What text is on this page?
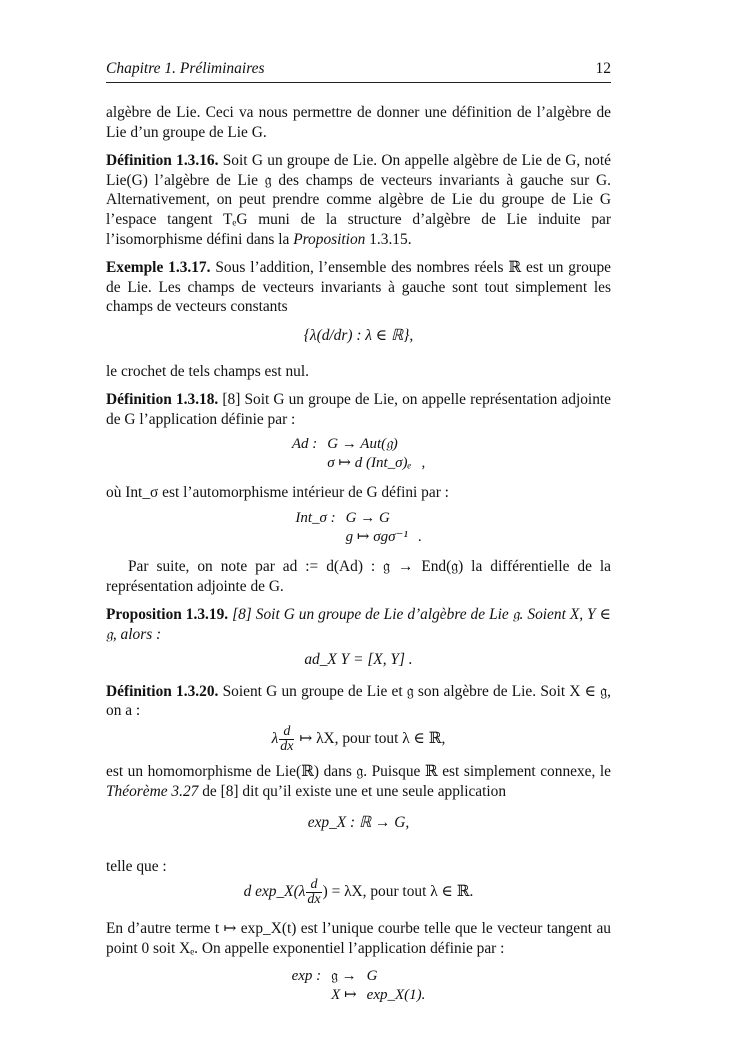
Chapitre 1. Préliminaires	12

algèbre de Lie. Ceci va nous permettre de donner une définition de l’algèbre de Lie d’un groupe de Lie G.

Définition 1.3.16. Soit G un groupe de Lie. On appelle algèbre de Lie de G, noté Lie(G) l’algèbre de Lie 𝔤 des champs de vecteurs invariants à gauche sur G. Alternativement, on peut prendre comme algèbre de Lie du groupe de Lie G l’espace tangent TₑG muni de la structure d’algèbre de Lie induite par l’isomorphisme défini dans la Proposition 1.3.15.

Exemple 1.3.17. Sous l’addition, l’ensemble des nombres réels ℝ est un groupe de Lie. Les champs de vecteurs invariants à gauche sont tout simplement les champs de vecteurs constants

{λ(d/dr) : λ ∈ ℝ},

le crochet de tels champs est nul.

Définition 1.3.18. [8] Soit G un groupe de Lie, on appelle représentation adjointe de G l’application définie par :

Ad :	G → Aut(𝔤)	
	σ ↦ d (Int_σ)ₑ	,

où Int_σ est l’automorphisme intérieur de G défini par :

Int_σ :	G → G	
	g ↦ σgσ⁻¹	.

Par suite, on note par ad := d(Ad) : 𝔤 → End(𝔤) la différentielle de la représentation adjointe de G.

Proposition 1.3.19. [8] Soit G un groupe de Lie d’algèbre de Lie 𝔤. Soient X, Y ∈ 𝔤, alors :

ad_X Y = [X, Y] .

Définition 1.3.20. Soient G un groupe de Lie et 𝔤 son algèbre de Lie. Soit X ∈ 𝔤, on a :

λ $\frac{d}{dx}$ ↦ λX, pour tout λ ∈ ℝ,

est un homomorphisme de Lie(ℝ) dans 𝔤. Puisque ℝ est simplement connexe, le Théorème 3.27 de [8] dit qu’il existe une et une seule application

exp_X : ℝ → G,

telle que :

d exp_X(λ $\frac{d}{dx}$ ) = λX, pour tout λ ∈ ℝ.

En d’autre terme t ↦ exp_X(t) est l’unique courbe telle que le vecteur tangent au point 0 soit Xₑ. On appelle exponentiel l’application définie par :

exp :	𝔤 →	G
	X ↦	exp_X(1).
